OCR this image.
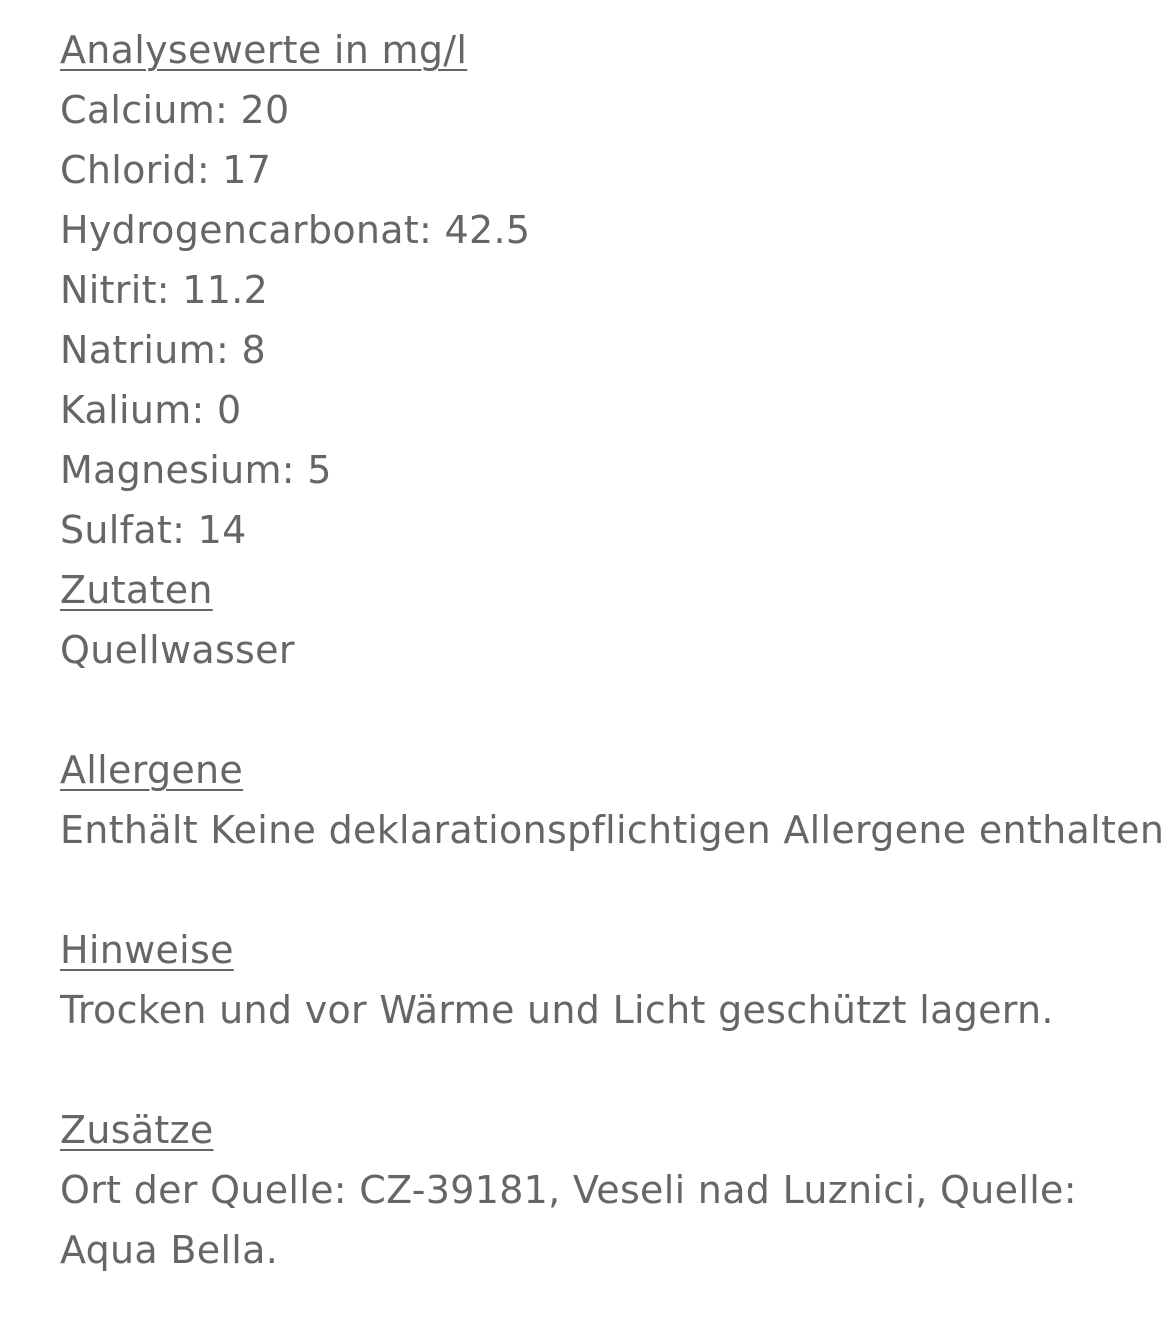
Analysewerte in mg/l
Calcium: 20
Chlorid: 17
Hydrogencarbonat: 42.5
Nitrit: 11.2
Natrium: 8
Kalium: 0
Magnesium: 5
Sulfat: 14
Zutaten
Quellwasser
Allergene
Enthält Keine deklarationspflichtigen Allergene enthalten
Hinweise
Trocken und vor Wärme und Licht geschützt lagern.
Zusätze
Ort der Quelle: CZ-39181, Veseli nad Luznici, Quelle:
Aqua Bella.
